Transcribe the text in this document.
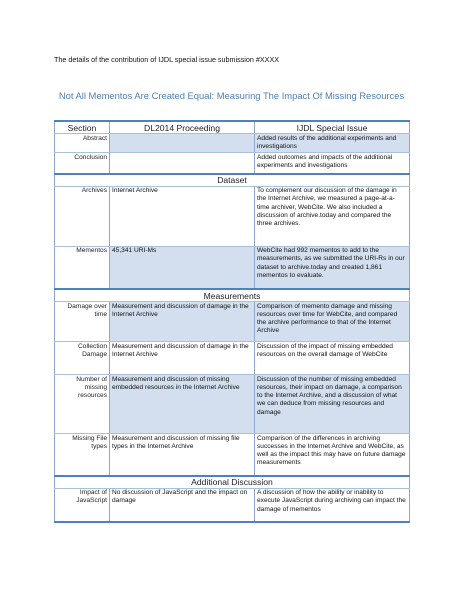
The details of the contribution of IJDL special issue submission #XXXX
Not All Mementos Are Created Equal: Measuring The Impact Of Missing Resources
Section	DL2014 Proceeding	IJDL Special Issue
Abstract		Added results of the additional experiments and investigations
Conclusion		Added outcomes and impacts of the additional experiments and investigations
Dataset		
Archives	Internet Archive	To complement our discussion of the damage in the Internet Archive, we measured a page-at-a-time archiver, WebCite. We also included a discussion of archive.today and compared the three archives.
Mementos	45,341 URI-Ms	WebCite had 992 mementos to add to the measurements, as we submitted the URI-Rs in our dataset to archive.today and created 1,861 mementos to evaluate.
Measurements		
Damage over time	Measurement and discussion of damage in the Internet Archive	Comparison of memento damage and missing resources over time for WebCite, and compared the archive performance to that of the Internet Archive
Collection Damage	Measurement and discussion of damage in the Internet Archive	Discussion of the impact of missing embedded resources on the overall damage of WebCite
Number of missing resources	Measurement and discussion of missing embedded resources in the Internet Archive	Discussion of the number of missing embedded resources, their impact on damage, a comparison to the Internet Archive, and a discussion of what we can deduce from missing resources and damage
Missing File types	Measurement and discussion of missing file types in the Internet Archive	Comparison of the differences in archiving successes in the Internet Archive and WebCite, as well as the impact this may have on future damage measurements
Additional Discussion		
Impact of JavaScript	No discussion of JavaScript and the impact on damage	A discussion of how the ability or inability to execute JavaScript during archiving can impact the damage of mementos
